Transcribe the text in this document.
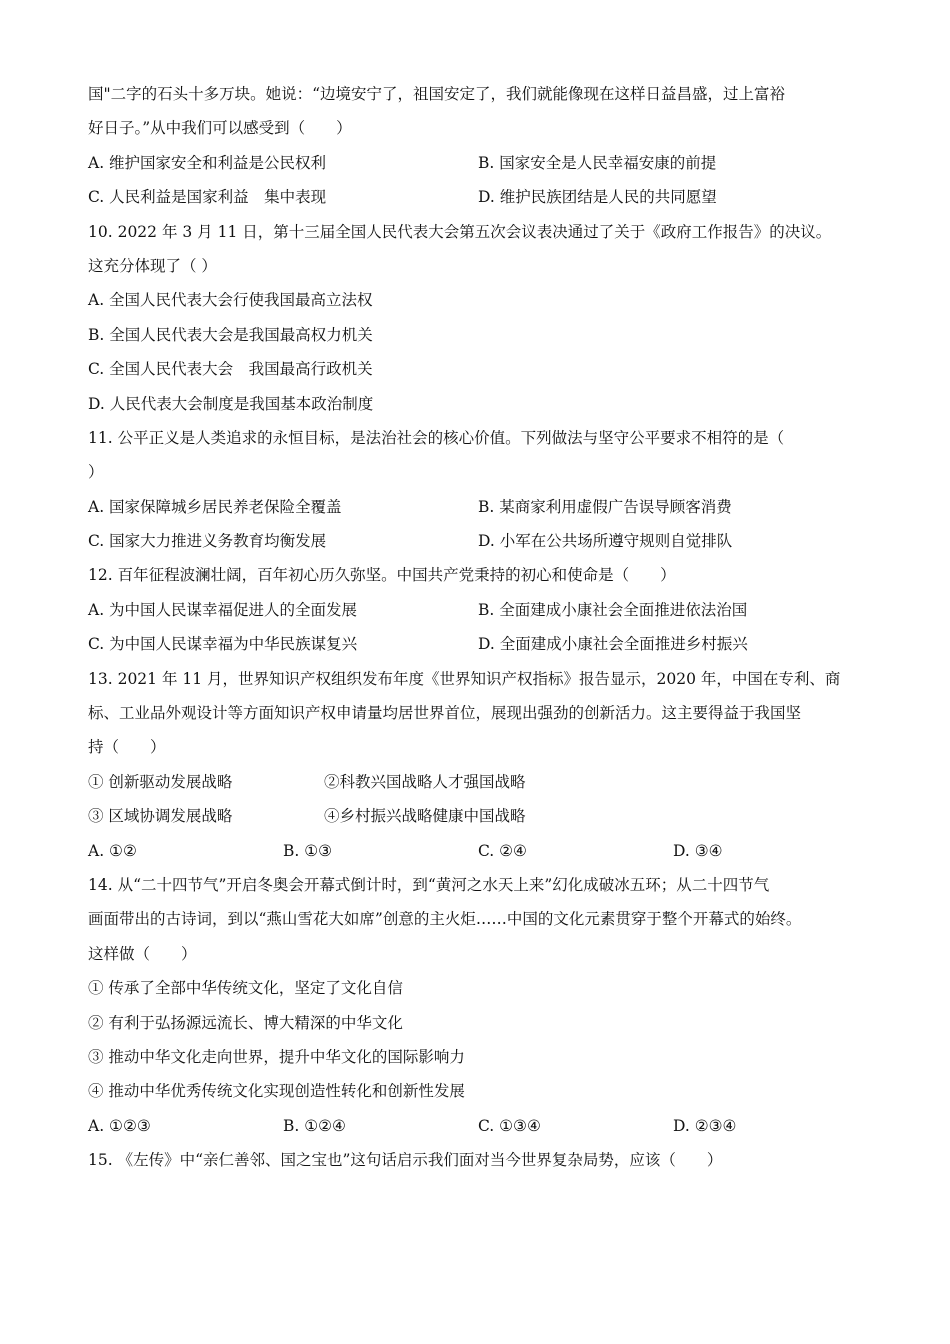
国"二字的石头十多万块。她说：“边境安宁了，祖国安定了，我们就能像现在这样日益昌盛，过上富裕
好日子。”从中我们可以感受到（　　）
A. 维护国家安全和利益是公民权利	B. 国家安全是人民幸福安康的前提
C. 人民利益是国家利益　集中表现	D. 维护民族团结是人民的共同愿望
10. 2022 年 3 月 11 日，第十三届全国人民代表大会第五次会议表决通过了关于《政府工作报告》的决议。
这充分体现了（ ）
A. 全国人民代表大会行使我国最高立法权
B. 全国人民代表大会是我国最高权力机关
C. 全国人民代表大会　我国最高行政机关
D. 人民代表大会制度是我国基本政治制度
11. 公平正义是人类追求的永恒目标，是法治社会的核心价值。下列做法与坚守公平要求不相符的是（
）
A. 国家保障城乡居民养老保险全覆盖	B. 某商家利用虚假广告误导顾客消费
C. 国家大力推进义务教育均衡发展	D. 小军在公共场所遵守规则自觉排队
12. 百年征程波澜壮阔，百年初心历久弥坚。中国共产党秉持的初心和使命是（　　）
A. 为中国人民谋幸福促进人的全面发展	B. 全面建成小康社会全面推进依法治国
C. 为中国人民谋幸福为中华民族谋复兴	D. 全面建成小康社会全面推进乡村振兴
13. 2021 年 11 月，世界知识产权组织发布年度《世界知识产权指标》报告显示，2020 年，中国在专利、商
标、工业品外观设计等方面知识产权申请量均居世界首位，展现出强劲的创新活力。这主要得益于我国坚
持（　　）
① 创新驱动发展战略	②科教兴国战略人才强国战略
③ 区域协调发展战略	④乡村振兴战略健康中国战略
A. ①②	B. ①③	C. ②④	D. ③④
14. 从“二十四节气”开启冬奥会开幕式倒计时，到“黄河之水天上来”幻化成破冰五环；从二十四节气
画面带出的古诗词，到以“燕山雪花大如席”创意的主火炬……中国的文化元素贯穿于整个开幕式的始终。
这样做（　　）
① 传承了全部中华传统文化，坚定了文化自信
② 有利于弘扬源远流长、博大精深的中华文化
③ 推动中华文化走向世界，提升中华文化的国际影响力
④ 推动中华优秀传统文化实现创造性转化和创新性发展
A. ①②③	B. ①②④	C. ①③④	D. ②③④
15. 《左传》中“亲仁善邻、国之宝也”这句话启示我们面对当今世界复杂局势，应该（　　）
